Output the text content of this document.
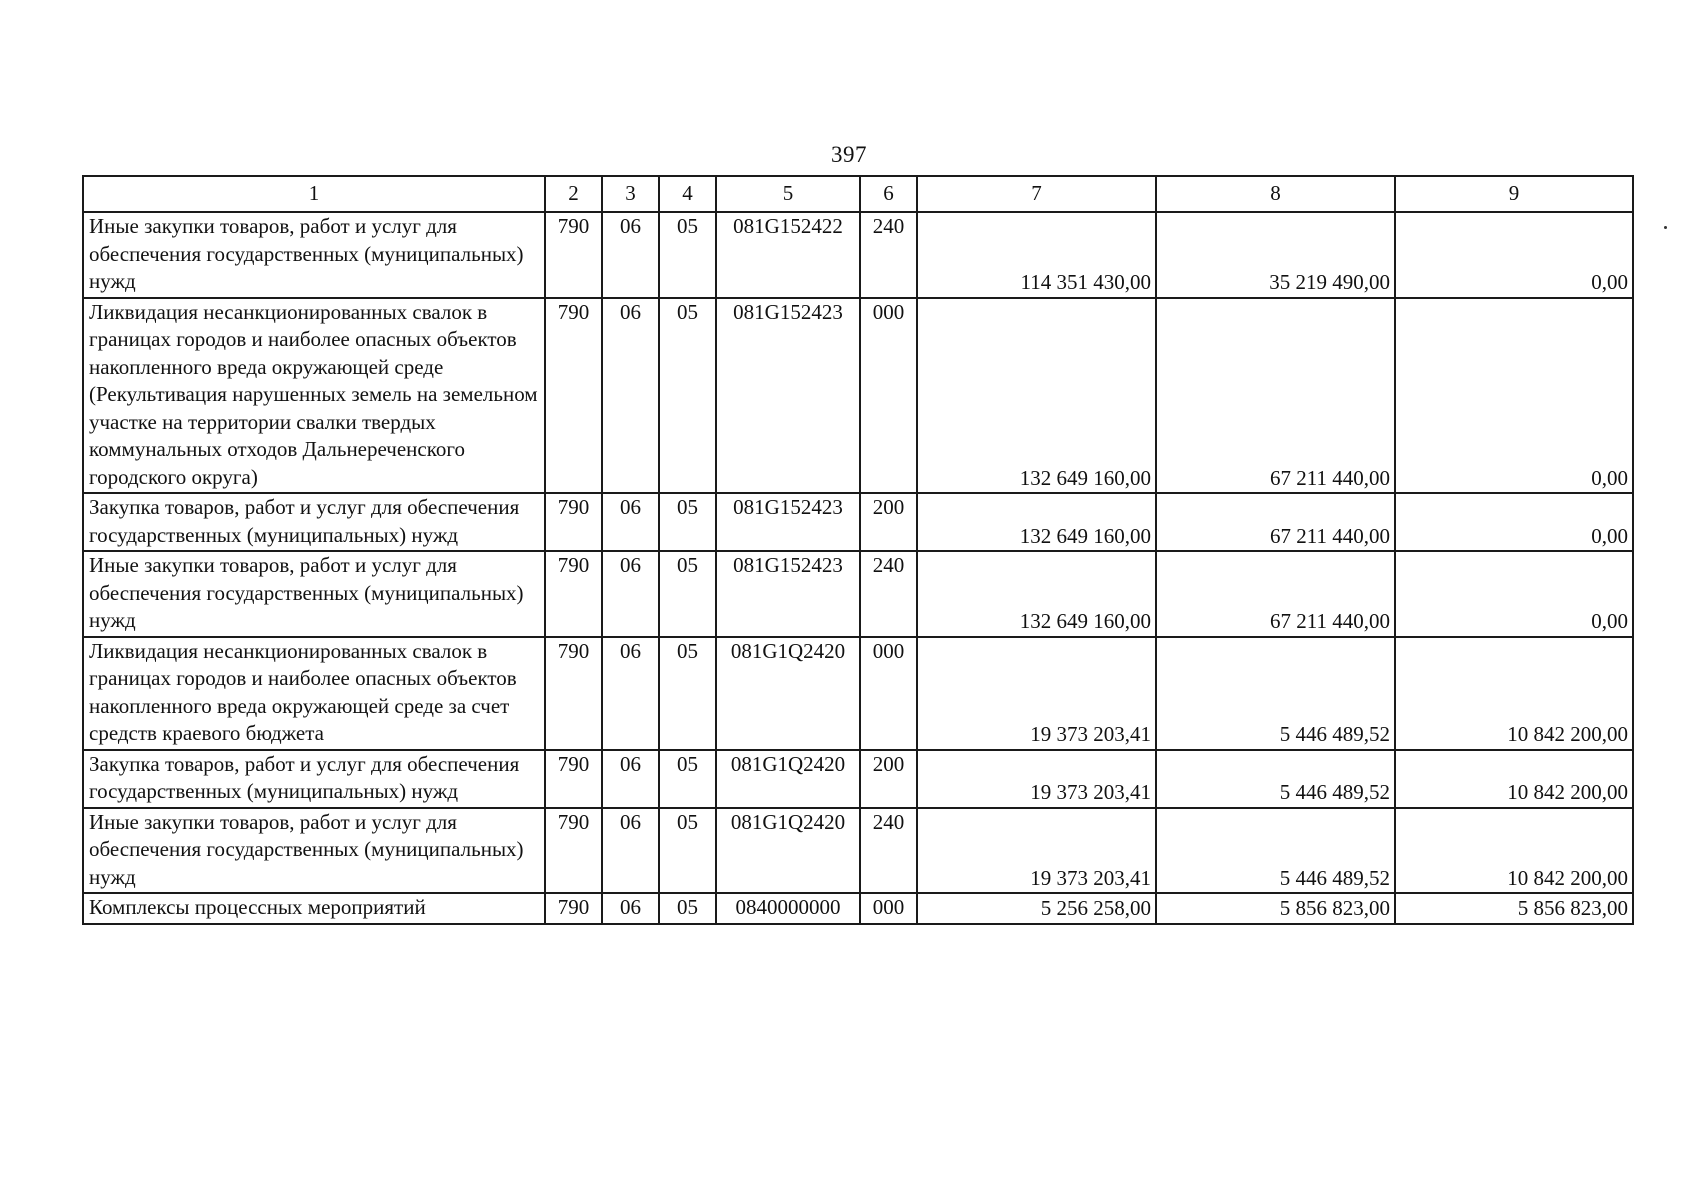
397
1	2	3	4	5	6	7	8	9
Иные закупки товаров, работ и услуг для обеспечения государственных (муниципальных) нужд	790	06	05	081G152422	240	114 351 430,00	35 219 490,00	0,00
Ликвидация несанкционированных свалок в границах городов и наиболее опасных объектов накопленного вреда окружающей среде (Рекультивация нарушенных земель на земельном участке на территории свалки твердых коммунальных отходов Дальнереченского городского округа)	790	06	05	081G152423	000	132 649 160,00	67 211 440,00	0,00
Закупка товаров, работ и услуг для обеспечения государственных (муниципальных) нужд	790	06	05	081G152423	200	132 649 160,00	67 211 440,00	0,00
Иные закупки товаров, работ и услуг для обеспечения государственных (муниципальных) нужд	790	06	05	081G152423	240	132 649 160,00	67 211 440,00	0,00
Ликвидация несанкционированных свалок в границах городов и наиболее опасных объектов накопленного вреда окружающей среде за счет средств краевого бюджета	790	06	05	081G1Q2420	000	19 373 203,41	5 446 489,52	10 842 200,00
Закупка товаров, работ и услуг для обеспечения государственных (муниципальных) нужд	790	06	05	081G1Q2420	200	19 373 203,41	5 446 489,52	10 842 200,00
Иные закупки товаров, работ и услуг для обеспечения государственных (муниципальных) нужд	790	06	05	081G1Q2420	240	19 373 203,41	5 446 489,52	10 842 200,00
Комплексы процессных мероприятий	790	06	05	0840000000	000	5 256 258,00	5 856 823,00	5 856 823,00
